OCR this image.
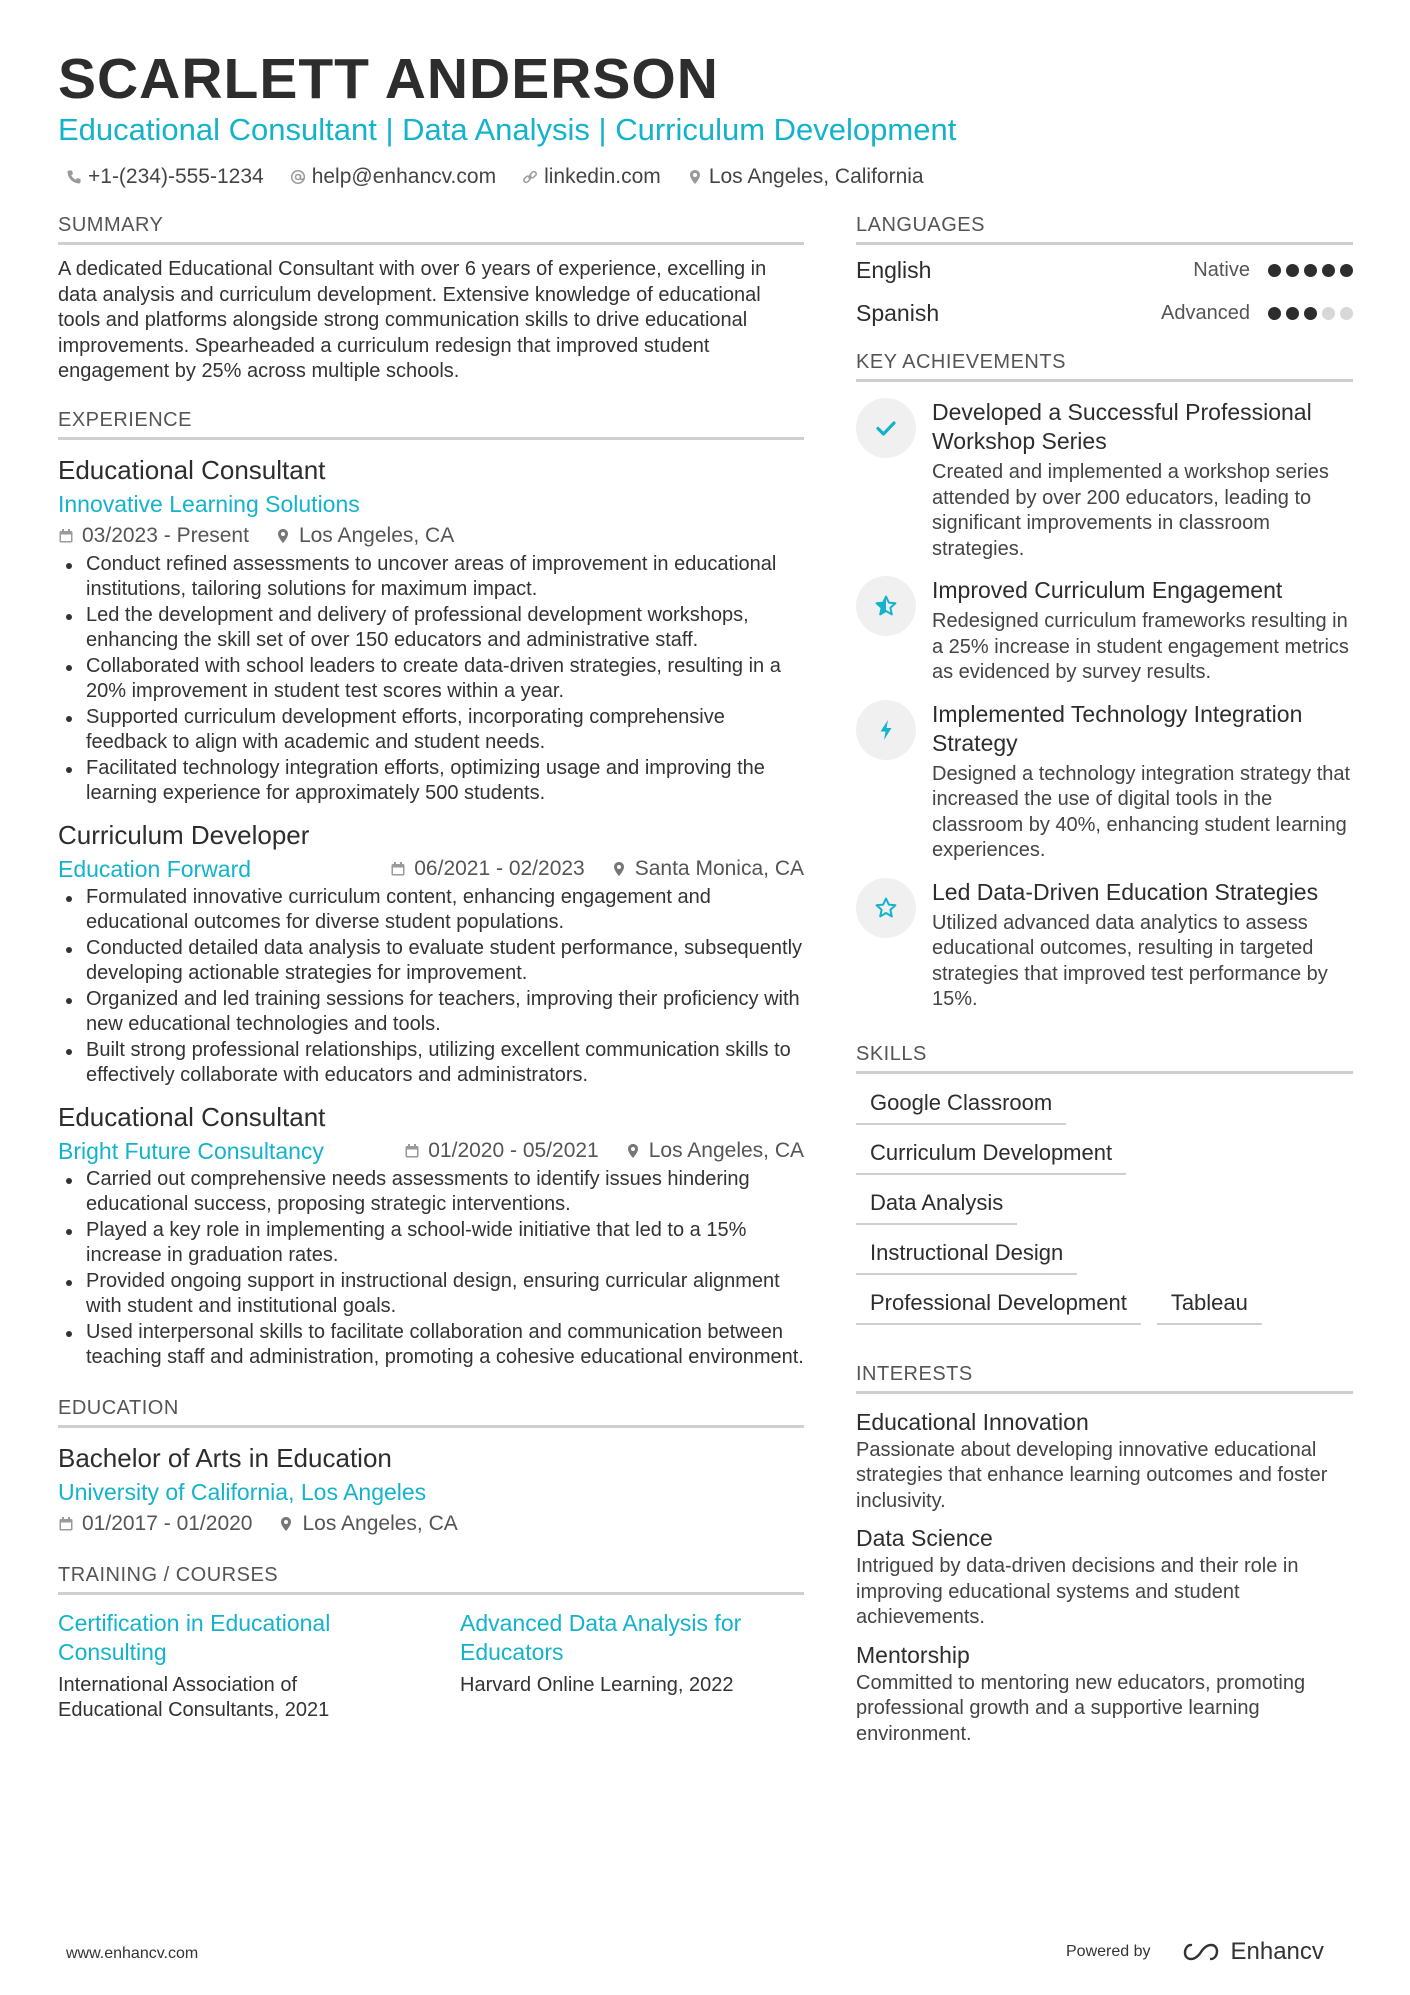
SCARLETT ANDERSON
Educational Consultant | Data Analysis | Curriculum Development
+1-(234)-555-1234 help@enhancv.com linkedin.com Los Angeles, California
SUMMARY
A dedicated Educational Consultant with over 6 years of experience, excelling in data analysis and curriculum development. Extensive knowledge of educational tools and platforms alongside strong communication skills to drive educational improvements. Spearheaded a curriculum redesign that improved student engagement by 25% across multiple schools.
EXPERIENCE
Educational Consultant
Innovative Learning Solutions
03/2023 - Present Los Angeles, CA
Conduct refined assessments to uncover areas of improvement in educational institutions, tailoring solutions for maximum impact.
Led the development and delivery of professional development workshops, enhancing the skill set of over 150 educators and administrative staff.
Collaborated with school leaders to create data-driven strategies, resulting in a 20% improvement in student test scores within a year.
Supported curriculum development efforts, incorporating comprehensive feedback to align with academic and student needs.
Facilitated technology integration efforts, optimizing usage and improving the learning experience for approximately 500 students.
Curriculum Developer
Education Forward	06/2021 - 02/2023 Santa Monica, CA
Formulated innovative curriculum content, enhancing engagement and educational outcomes for diverse student populations.
Conducted detailed data analysis to evaluate student performance, subsequently developing actionable strategies for improvement.
Organized and led training sessions for teachers, improving their proficiency with new educational technologies and tools.
Built strong professional relationships, utilizing excellent communication skills to effectively collaborate with educators and administrators.
Educational Consultant
Bright Future Consultancy	01/2020 - 05/2021 Los Angeles, CA
Carried out comprehensive needs assessments to identify issues hindering educational success, proposing strategic interventions.
Played a key role in implementing a school-wide initiative that led to a 15% increase in graduation rates.
Provided ongoing support in instructional design, ensuring curricular alignment with student and institutional goals.
Used interpersonal skills to facilitate collaboration and communication between teaching staff and administration, promoting a cohesive educational environment.
EDUCATION
Bachelor of Arts in Education
University of California, Los Angeles
01/2017 - 01/2020 Los Angeles, CA
TRAINING / COURSES
Certification in Educational Consulting
International Association of Educational Consultants, 2021
Advanced Data Analysis for Educators
Harvard Online Learning, 2022
LANGUAGES
English	Native
Spanish	Advanced
KEY ACHIEVEMENTS
Developed a Successful Professional Workshop Series
Created and implemented a workshop series attended by over 200 educators, leading to significant improvements in classroom strategies.
Improved Curriculum Engagement
Redesigned curriculum frameworks resulting in a 25% increase in student engagement metrics as evidenced by survey results.
Implemented Technology Integration Strategy
Designed a technology integration strategy that increased the use of digital tools in the classroom by 40%, enhancing student learning experiences.
Led Data-Driven Education Strategies
Utilized advanced data analytics to assess educational outcomes, resulting in targeted strategies that improved test performance by 15%.
SKILLS
Google Classroom
Curriculum Development
Data Analysis
Instructional Design
Professional Development	Tableau
INTERESTS
Educational Innovation
Passionate about developing innovative educational strategies that enhance learning outcomes and foster inclusivity.
Data Science
Intrigued by data-driven decisions and their role in improving educational systems and student achievements.
Mentorship
Committed to mentoring new educators, promoting professional growth and a supportive learning environment.
www.enhancv.com	Powered by	Enhancv
